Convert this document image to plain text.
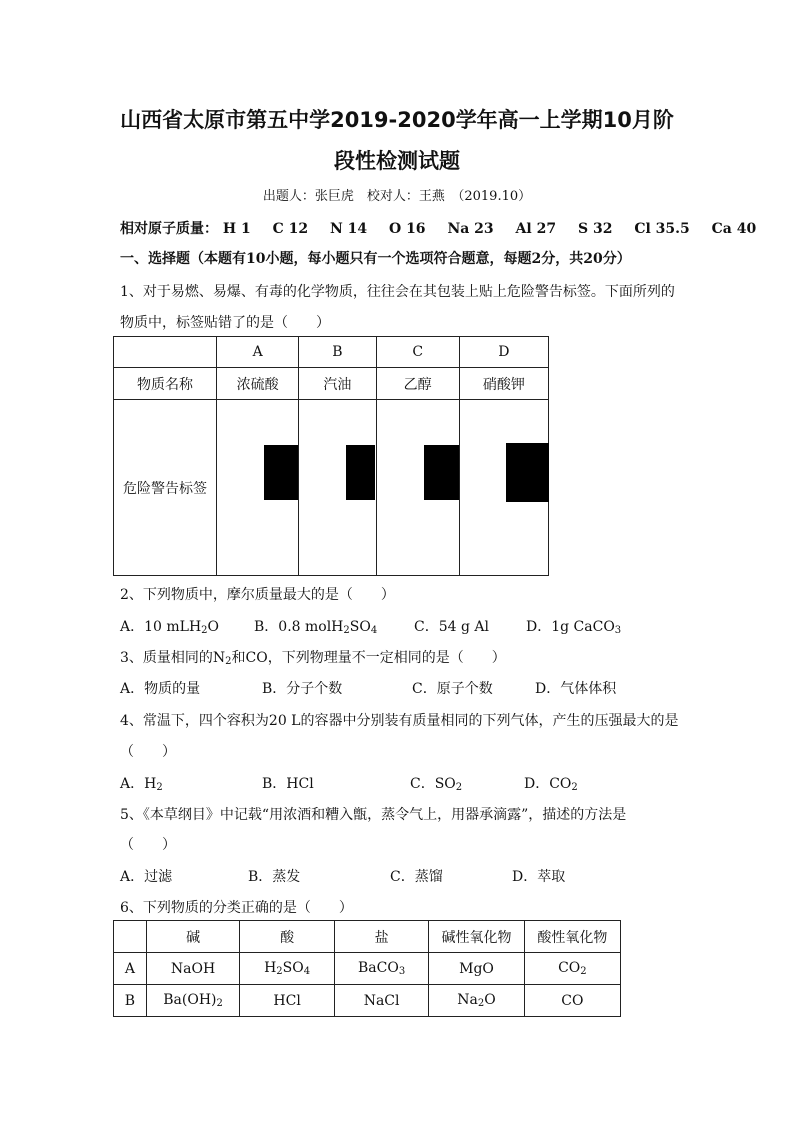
山西省太原市第五中学2019-2020学年高一上学期10月阶
段性检测试题
出题人：张巨虎　校对人：王燕　（2019.10）
相对原子质量： H 1 C 12 N 14 O 16 Na 23 Al 27 S 32 Cl 35.5 Ca 40
一、选择题（本题有10小题，每小题只有一个选项符合题意，每题2分，共20分）
1、对于易燃、易爆、有毒的化学物质，往往会在其包装上贴上危险警告标签。下面所列的
物质中，标签贴错了的是（　　）
	A	B	C	D
物质名称	浓硫酸	汽油	乙醇	硝酸钾
危险警告标签				
2、下列物质中，摩尔质量最大的是（　　）
A．10 mLH$_2$O B．0.8 $molH_2SO_4$	C．54 g Al	D．1g CaCO$_3$
3、质量相同的$N_2$和CO，下列物理量不一定相同的是（　　）
A．物质的量	B．分子个数	C．原子个数	D．气体体积
4、常温下，四个容积为20 L的容器中分别装有质量相同的下列气体，产生的压强最大的是
（　　）
A．$H_2$	B．HCl	C．$SO_2$	D．$CO_2$
5、《本草纲目》中记载“用浓酒和糟入甑，蒸令气上，用器承滴露”，描述的方法是
（　　）
A．过滤	B．蒸发	C．蒸馏	D．萃取
6、下列物质的分类正确的是（　　）
	碱	酸	盐	碱性氧化物	酸性氧化物
A	NaOH	$H_2SO_4$	BaCO$_3$	MgO	$CO_2$
B	$Ba(OH)_2$	HCl	NaCl	$Na_2O$	CO
